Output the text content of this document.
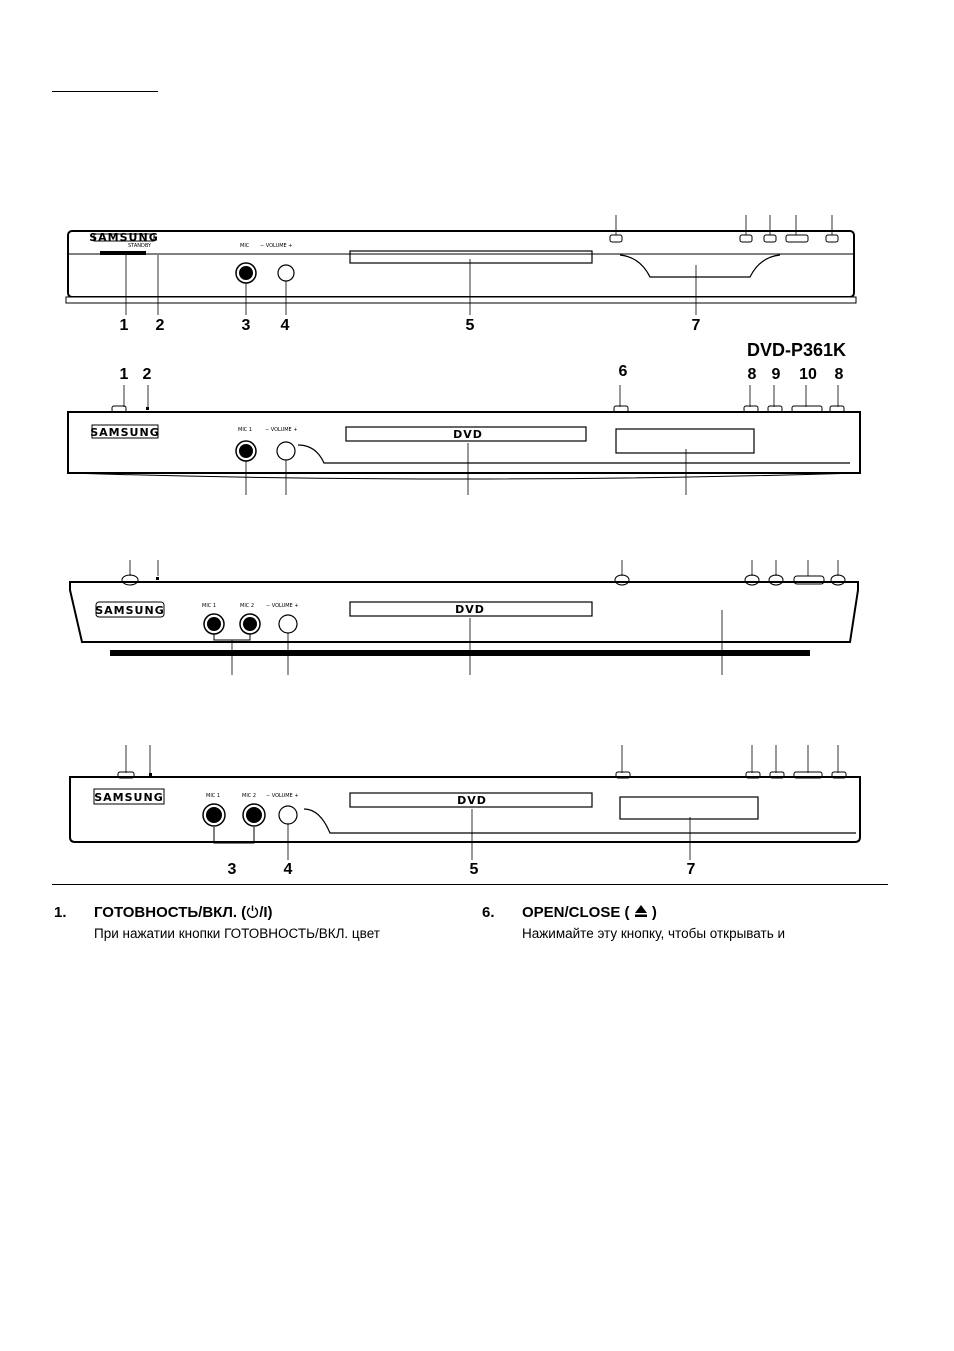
SAMSUNG
STANDBY	MIC − VOLUME +
1	2	3	4	5	7
DVD-P361K
1 2	6	8 9	10	8
SAMSUNG	MIC 1	− VOLUME +	DVD
SAMSUNG	MIC 1	MIC 2 − VOLUME +	DVD
SAMSUNG	MIC 1	MIC 2 − VOLUME +	DVD
3	4	5	7
1. ГОТОВНОСТЬ/ВКЛ. ( /I)
При нажатии кнопки ГОТОВНОСТЬ/ВКЛ. цвет
6. OPEN/CLOSE (  )
Нажимайте эту кнопку, чтобы открывать и
